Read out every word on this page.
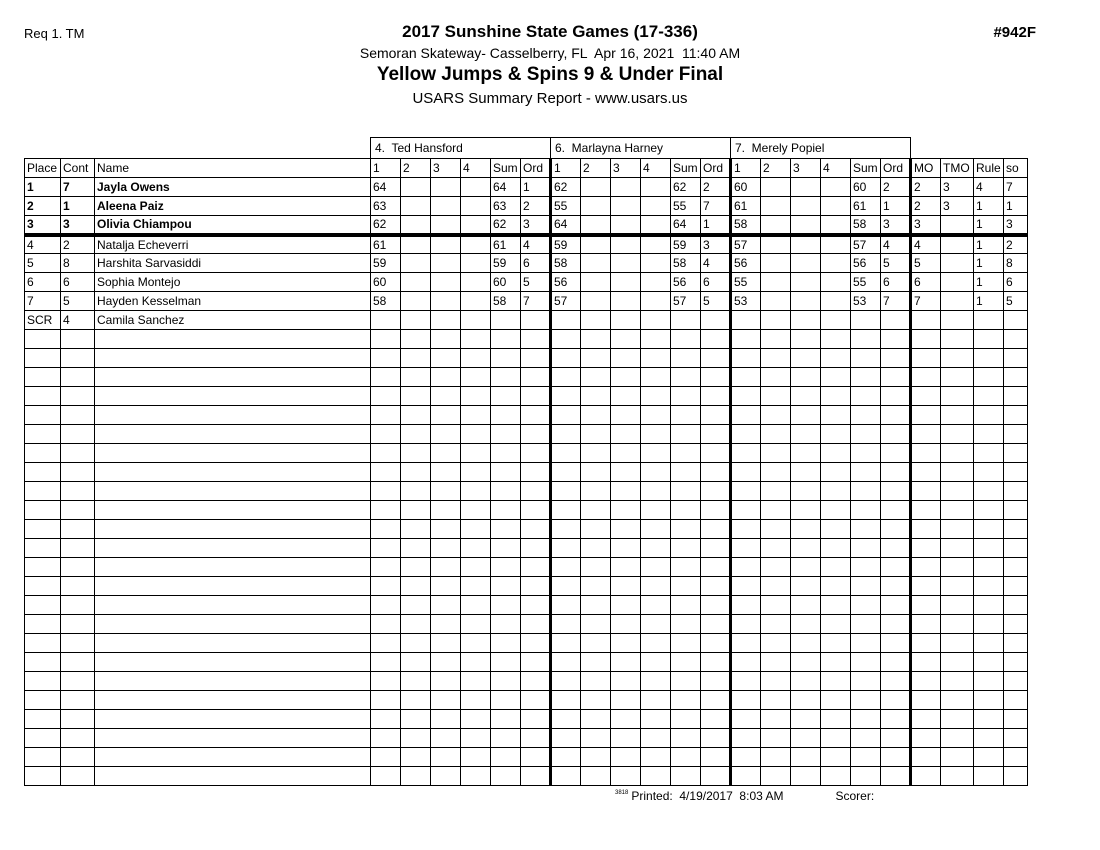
Req 1. TM	#942F
2017 Sunshine State Games (17-336)
Semoran Skateway- Casselberry, FL  Apr 16, 2021  11:40 AM
Yellow Jumps & Spins 9 & Under Final
USARS Summary Report - www.usars.us
			4.  Ted Hansford						6.  Marlayna Harney						7.  Merely Popiel									
Place	Cont	Name	1	2	3	4	Sum	Ord	1	2	3	4	Sum	Ord	1	2	3	4	Sum	Ord	MO	TMO	Rule	so
1	7	Jayla Owens	64				64	1	62				62	2	60				60	2	2	3	4	7
2	1	Aleena Paiz	63				63	2	55				55	7	61				61	1	2	3	1	1
3	3	Olivia Chiampou	62				62	3	64				64	1	58				58	3	3		1	3
4	2	Natalja Echeverri	61				61	4	59				59	3	57				57	4	4		1	2
5	8	Harshita Sarvasiddi	59				59	6	58				58	4	56				56	5	5		1	8
6	6	Sophia Montejo	60				60	5	56				56	6	55				55	6	6		1	6
7	5	Hayden Kesselman	58				58	7	57				57	5	53				53	7	7		1	5
SCR	4	Camila Sanchez																						

3818 Printed:  4/19/2017  8:03 AM	Scorer:
